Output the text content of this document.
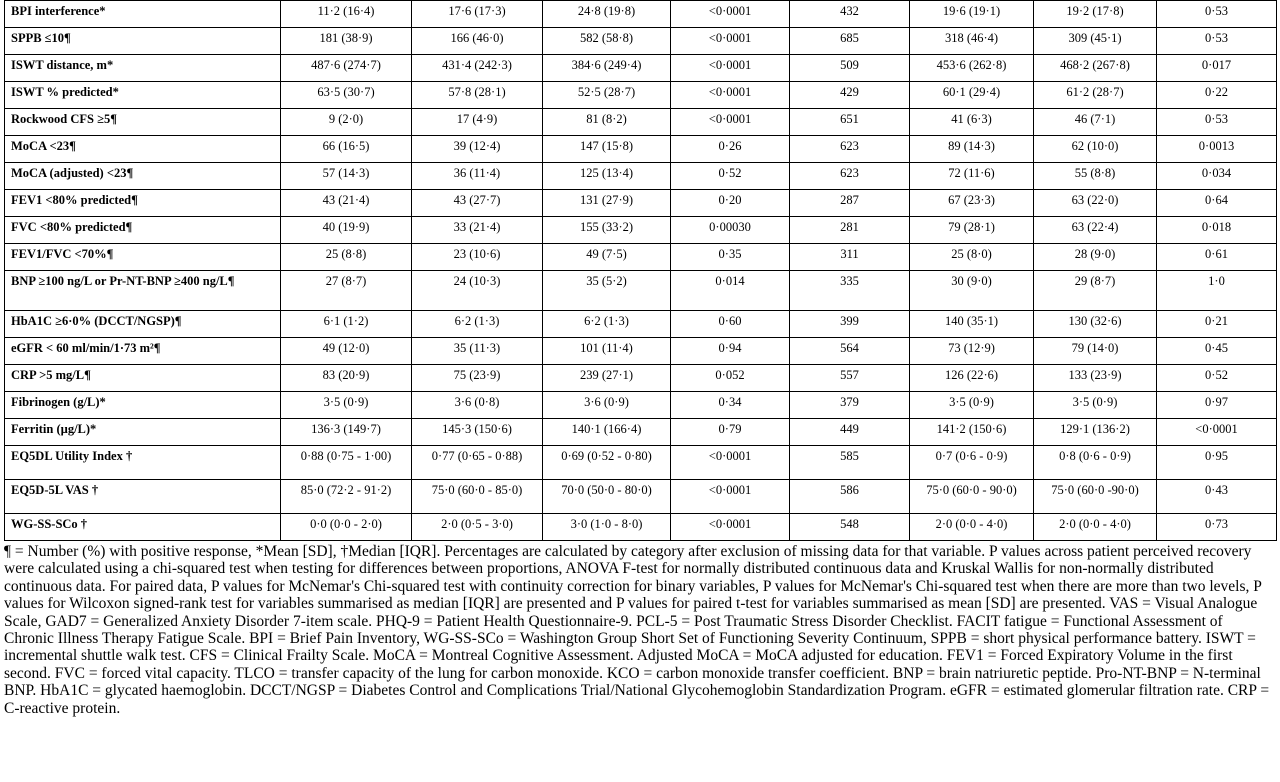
BPI interference*	11·2 (16·4)	17·6 (17·3)	24·8 (19·8)	<0·0001	432	19·6 (19·1)	19·2 (17·8)	0·53
SPPB ≤10¶	181 (38·9)	166 (46·0)	582 (58·8)	<0·0001	685	318 (46·4)	309 (45·1)	0·53
ISWT distance, m*	487·6 (274·7)	431·4 (242·3)	384·6 (249·4)	<0·0001	509	453·6 (262·8)	468·2 (267·8)	0·017
ISWT % predicted*	63·5 (30·7)	57·8 (28·1)	52·5 (28·7)	<0·0001	429	60·1 (29·4)	61·2 (28·7)	0·22
Rockwood CFS ≥5¶	9 (2·0)	17 (4·9)	81 (8·2)	<0·0001	651	41 (6·3)	46 (7·1)	0·53
MoCA <23¶	66 (16·5)	39 (12·4)	147 (15·8)	0·26	623	89 (14·3)	62 (10·0)	0·0013
MoCA (adjusted) <23¶	57 (14·3)	36 (11·4)	125 (13·4)	0·52	623	72 (11·6)	55 (8·8)	0·034
FEV1 <80% predicted¶	43 (21·4)	43 (27·7)	131 (27·9)	0·20	287	67 (23·3)	63 (22·0)	0·64
FVC <80% predicted¶	40 (19·9)	33 (21·4)	155 (33·2)	0·00030	281	79 (28·1)	63 (22·4)	0·018
FEV1/FVC <70%¶	25 (8·8)	23 (10·6)	49 (7·5)	0·35	311	25 (8·0)	28 (9·0)	0·61
BNP ≥100 ng/L or Pr-NT-BNP ≥400 ng/L¶	27 (8·7)	24 (10·3)	35 (5·2)	0·014	335	30 (9·0)	29 (8·7)	1·0
HbA1C ≥6·0% (DCCT/NGSP)¶	6·1 (1·2)	6·2 (1·3)	6·2 (1·3)	0·60	399	140 (35·1)	130 (32·6)	0·21
eGFR < 60 ml/min/1·73 m²¶	49 (12·0)	35 (11·3)	101 (11·4)	0·94	564	73 (12·9)	79 (14·0)	0·45
CRP >5 mg/L¶	83 (20·9)	75 (23·9)	239 (27·1)	0·052	557	126 (22·6)	133 (23·9)	0·52
Fibrinogen (g/L)*	3·5 (0·9)	3·6 (0·8)	3·6 (0·9)	0·34	379	3·5 (0·9)	3·5 (0·9)	0·97
Ferritin (µg/L)*	136·3 (149·7)	145·3 (150·6)	140·1 (166·4)	0·79	449	141·2 (150·6)	129·1 (136·2)	<0·0001
EQ5DL Utility Index †	0·88 (0·75 - 1·00)	0·77 (0·65 - 0·88)	0·69 (0·52 - 0·80)	<0·0001	585	0·7 (0·6 - 0·9)	0·8 (0·6 - 0·9)	0·95
EQ5D-5L VAS †	85·0 (72·2 - 91·2)	75·0 (60·0 - 85·0)	70·0 (50·0 - 80·0)	<0·0001	586	75·0 (60·0 - 90·0)	75·0 (60·0 -90·0)	0·43
WG-SS-SCo †	0·0 (0·0 - 2·0)	2·0 (0·5 - 3·0)	3·0 (1·0 - 8·0)	<0·0001	548	2·0 (0·0 - 4·0)	2·0 (0·0 - 4·0)	0·73

¶ = Number (%) with positive response, *Mean [SD], †Median [IQR]. Percentages are calculated by category after exclusion of missing data for that variable. P values across patient perceived recovery were calculated using a chi-squared test when testing for differences between proportions, ANOVA F-test for normally distributed continuous data and Kruskal Wallis for non-normally distributed continuous data. For paired data, P values for McNemar's Chi-squared test with continuity correction for binary variables, P values for McNemar's Chi-squared test when there are more than two levels, P values for Wilcoxon signed-rank test for variables summarised as median [IQR] are presented and P values for paired t-test for variables summarised as mean [SD] are presented. VAS = Visual Analogue Scale, GAD7 = Generalized Anxiety Disorder 7-item scale. PHQ-9 = Patient Health Questionnaire-9. PCL-5 = Post Traumatic Stress Disorder Checklist. FACIT fatigue = Functional Assessment of Chronic Illness Therapy Fatigue Scale. BPI = Brief Pain Inventory, WG-SS-SCo = Washington Group Short Set of Functioning Severity Continuum, SPPB = short physical performance battery. ISWT = incremental shuttle walk test. CFS = Clinical Frailty Scale. MoCA = Montreal Cognitive Assessment. Adjusted MoCA = MoCA adjusted for education. FEV1 = Forced Expiratory Volume in the first second. FVC = forced vital capacity. TLCO = transfer capacity of the lung for carbon monoxide. KCO = carbon monoxide transfer coefficient. BNP = brain natriuretic peptide. Pro-NT-BNP = N-terminal BNP. HbA1C = glycated haemoglobin. DCCT/NGSP = Diabetes Control and Complications Trial/National Glycohemoglobin Standardization Program. eGFR = estimated glomerular filtration rate. CRP = C-reactive protein.
